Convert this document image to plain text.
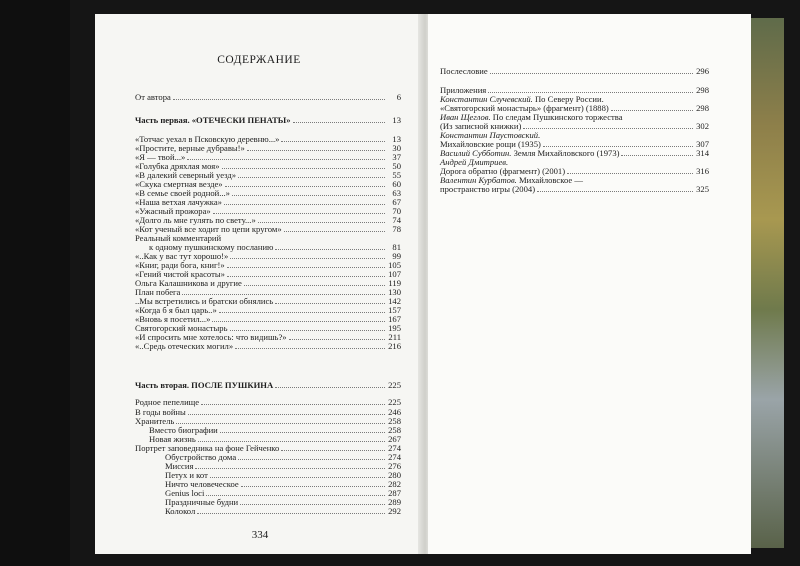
СОДЕРЖАНИЕ
От автора	6
Часть первая. «ОТЕЧЕСКИ ПЕНАТЫ»	13
«Тотчас уехал в Псковскую деревню...»	13
«Простите, верные дубравы!»	30
«Я — твой...»	37
«Голубка дряхлая моя»	50
«В далекий северный уезд»	55
«Скука смертная везде»	60
«В семье своей родной...»	63
«Наша ветхая лачужка»	67
«Ужасный прожора»	70
«Долго ль мне гулять по свету...»	74
«Кот ученый все ходит по цепи кругом»	78
Реальный комментарий
к одному пушкинскому посланию	81
«..Как у вас тут хорошо!»	99
«Книг, ради бога, книг!»	105
«Гений чистой красоты»	107
Ольга Калашникова и другие	119
План побега	130
..Мы встретились и братски обнялись	142
«Когда б я был царь..»	157
«Вновь я посетил...»	167
Святогорский монастырь	195
«И спросить мне хотелось: что видишь?»	211
«..Средь отеческих могил»	216
Часть вторая. ПОСЛЕ ПУШКИНА	225
Родное пепелище	225
В годы войны	246
Хранитель	258
Вместо биографии	258
Новая жизнь	267
Портрет заповедника на фоне Гейченко	274
Обустройство дома	274
Миссия	276
Петух и кот	280
Ничто человеческое	282
Genius loci	287
Праздничные будни	289
Колокол	292
334
Послесловие	296
Приложения	298
Константин Случевский. По Северу России.
«Святогорский монастырь» (фрагмент) (1888)	298
Иван Щеглов. По следам Пушкинского торжества
(Из записной книжки)	302
Константин Паустовский.
Михайловские рощи (1935)	307
Василий Субботин. Земля Михайловского (1973)	314
Андрей Дмитриев.
Дорога обратно (фрагмент) (2001)	316
Валентин Курбатов. Михайловское —
пространство игры (2004)	325
